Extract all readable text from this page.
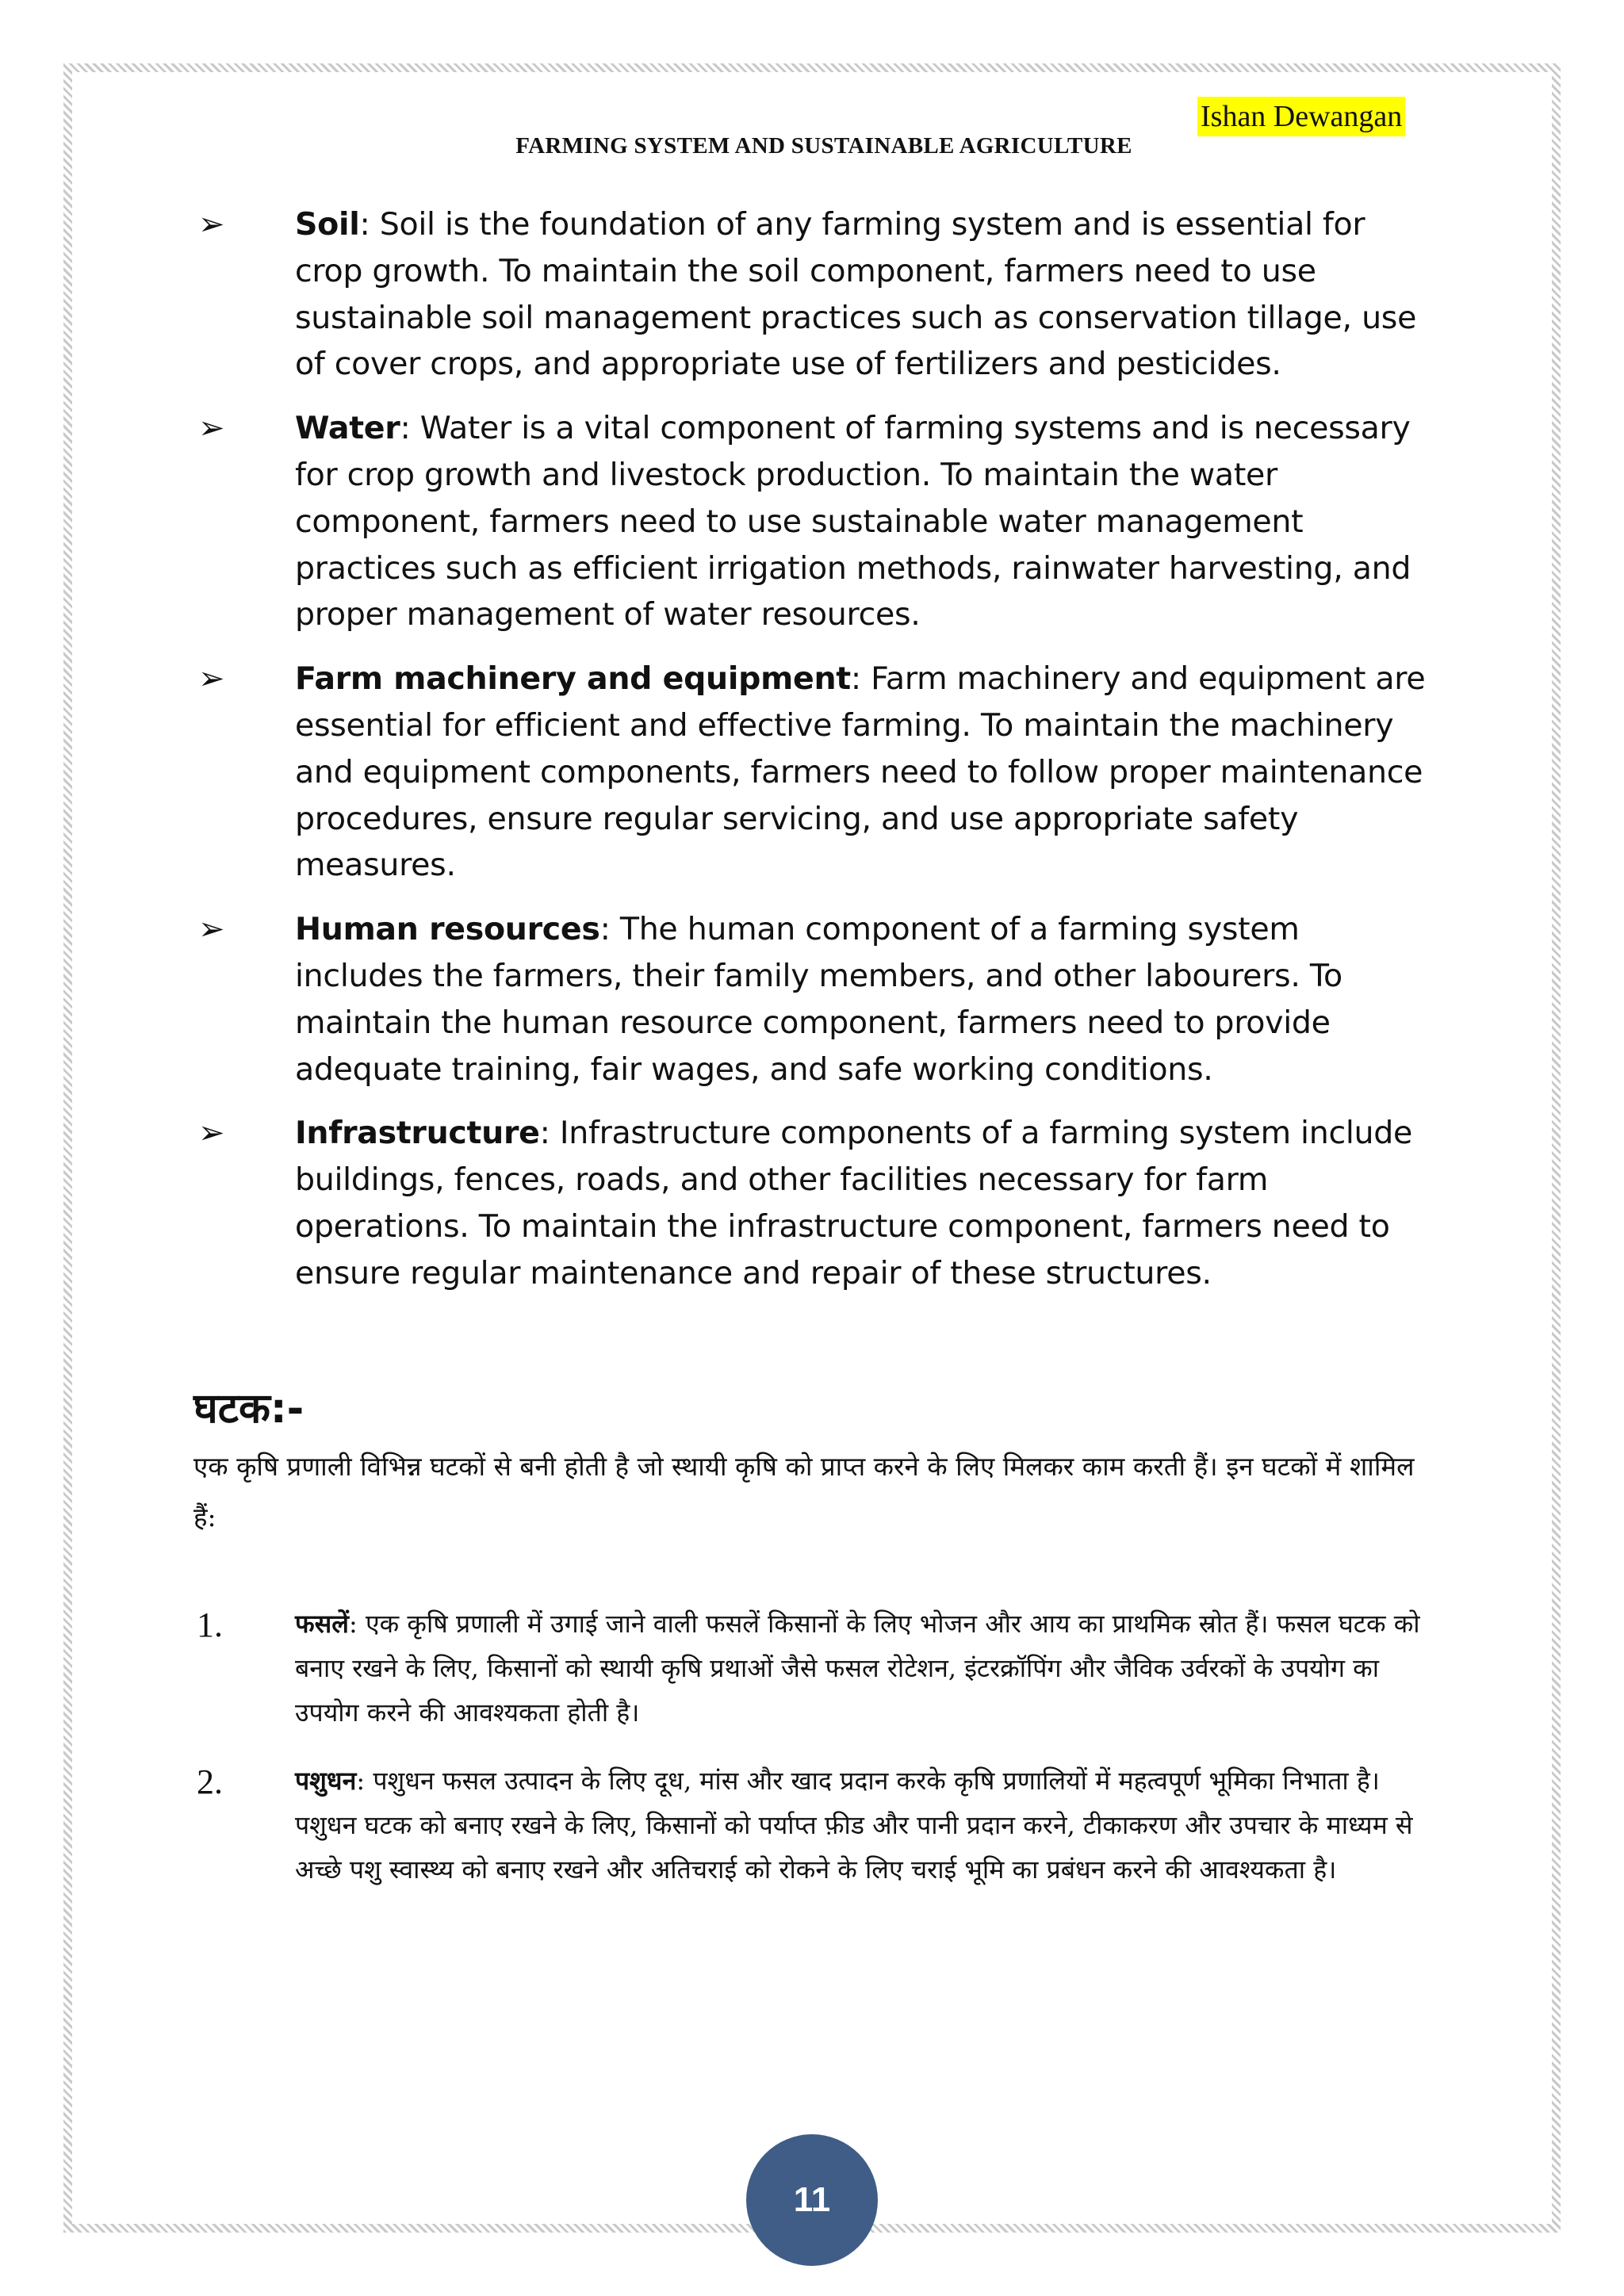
Ishan Dewangan
FARMING SYSTEM AND SUSTAINABLE AGRICULTURE
➢ Soil: Soil is the foundation of any farming system and is essential for crop growth. To maintain the soil component, farmers need to use sustainable soil management practices such as conservation tillage, use of cover crops, and appropriate use of fertilizers and pesticides.
➢ Water: Water is a vital component of farming systems and is necessary for crop growth and livestock production. To maintain the water component, farmers need to use sustainable water management practices such as efficient irrigation methods, rainwater harvesting, and proper management of water resources.
➢ Farm machinery and equipment: Farm machinery and equipment are essential for efficient and effective farming. To maintain the machinery and equipment components, farmers need to follow proper maintenance procedures, ensure regular servicing, and use appropriate safety measures.
➢ Human resources: The human component of a farming system includes the farmers, their family members, and other labourers. To maintain the human resource component, farmers need to provide adequate training, fair wages, and safe working conditions.
➢ Infrastructure: Infrastructure components of a farming system include buildings, fences, roads, and other facilities necessary for farm operations. To maintain the infrastructure component, farmers need to ensure regular maintenance and repair of these structures.
घटक:-
एक कृषि प्रणाली विभिन्न घटकों से बनी होती है जो स्थायी कृषि को प्राप्त करने के लिए मिलकर काम करती हैं। इन घटकों में शामिल हैं:
1.	फसलें: एक कृषि प्रणाली में उगाई जाने वाली फसलें किसानों के लिए भोजन और आय का प्राथमिक स्रोत हैं। फसल घटक को बनाए रखने के लिए, किसानों को स्थायी कृषि प्रथाओं जैसे फसल रोटेशन, इंटरक्रॉपिंग और जैविक उर्वरकों के उपयोग का उपयोग करने की आवश्यकता होती है।
2.	पशुधन: पशुधन फसल उत्पादन के लिए दूध, मांस और खाद प्रदान करके कृषि प्रणालियों में महत्वपूर्ण भूमिका निभाता है। पशुधन घटक को बनाए रखने के लिए, किसानों को पर्याप्त फ़ीड और पानी प्रदान करने, टीकाकरण और उपचार के माध्यम से अच्छे पशु स्वास्थ्य को बनाए रखने और अतिचराई को रोकने के लिए चराई भूमि का प्रबंधन करने की आवश्यकता है।
11
